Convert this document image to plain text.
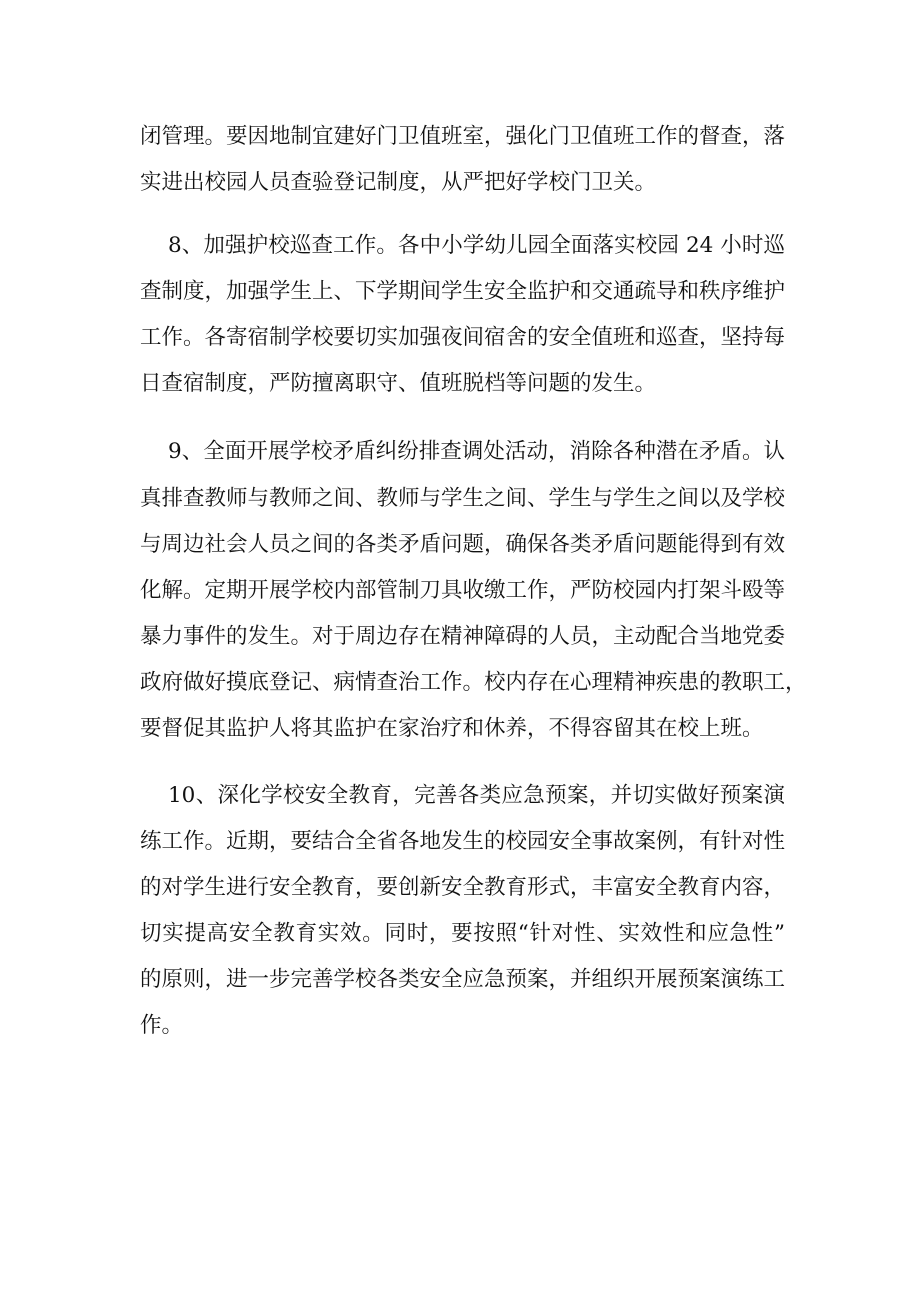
闭管理。要因地制宜建好门卫值班室，强化门卫值班工作的督查，落
实进出校园人员查验登记制度，从严把好学校门卫关。
8、加强护校巡查工作。各中小学幼儿园全面落实校园 24 小时巡
查制度，加强学生上、下学期间学生安全监护和交通疏导和秩序维护
工作。各寄宿制学校要切实加强夜间宿舍的安全值班和巡查，坚持每
日查宿制度，严防擅离职守、值班脱档等问题的发生。
9、全面开展学校矛盾纠纷排查调处活动，消除各种潜在矛盾。认
真排查教师与教师之间、教师与学生之间、学生与学生之间以及学校
与周边社会人员之间的各类矛盾问题，确保各类矛盾问题能得到有效
化解。定期开展学校内部管制刀具收缴工作，严防校园内打架斗殴等
暴力事件的发生。对于周边存在精神障碍的人员，主动配合当地党委
政府做好摸底登记、病情查治工作。校内存在心理精神疾患的教职工，
要督促其监护人将其监护在家治疗和休养，不得容留其在校上班。
10、深化学校安全教育，完善各类应急预案，并切实做好预案演
练工作。近期，要结合全省各地发生的校园安全事故案例，有针对性
的对学生进行安全教育，要创新安全教育形式，丰富安全教育内容，
切实提高安全教育实效。同时，要按照“针对性、实效性和应急性”
的原则，进一步完善学校各类安全应急预案，并组织开展预案演练工
作。
